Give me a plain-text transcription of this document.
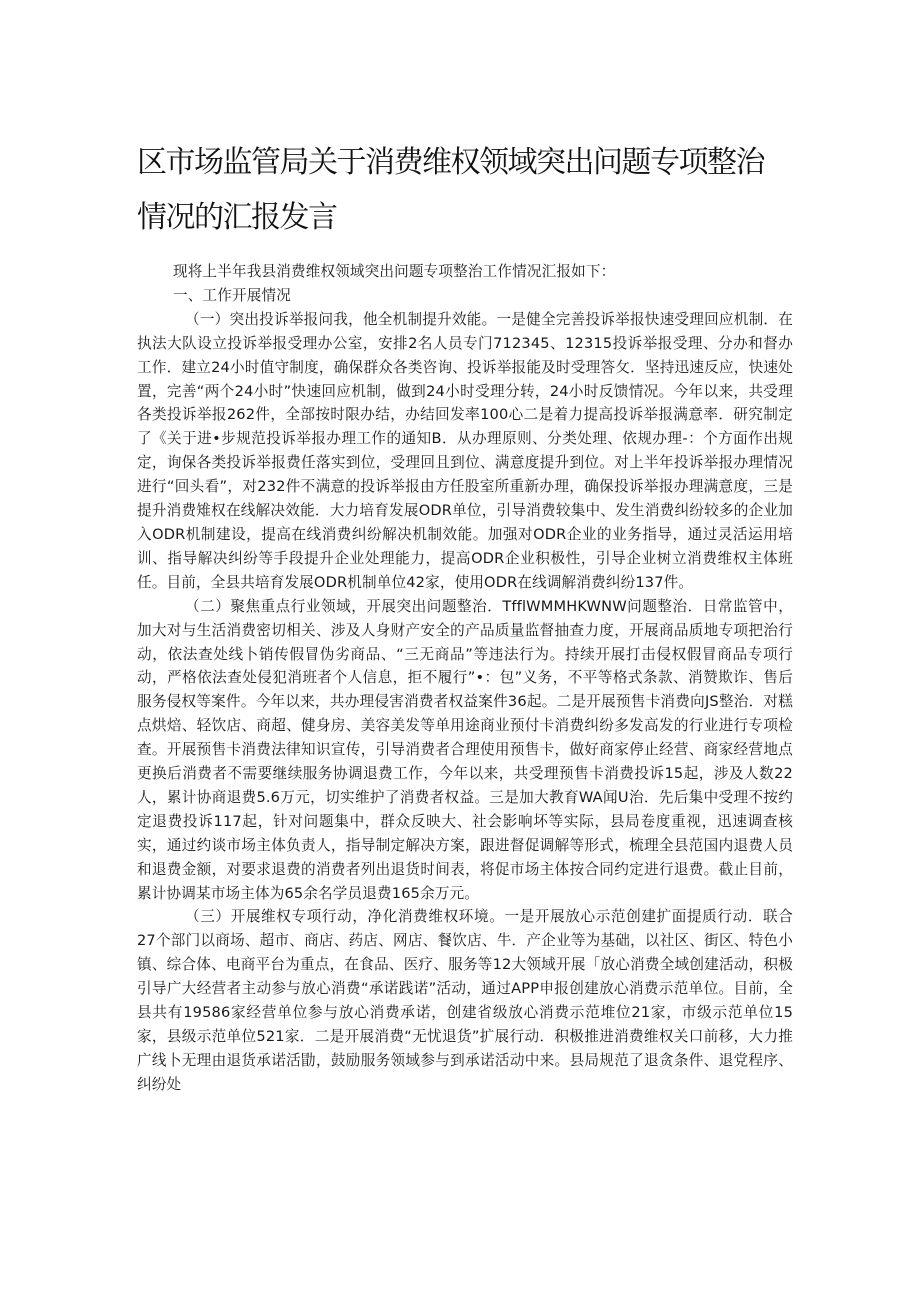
区市场监管局关于消费维权领域突出问题专项整治
情况的汇报发言

现将上半年我县消费维权领域突出问题专项整治工作情况汇报如下：

一、工作开展情况

（一）突出投诉举报问我，他全机制提升效能。一是健全完善投诉举报快速受理回应机制．在执法大队设立投诉举报受理办公室，安排2名人员专门712345、12315投诉举报受理、分办和督办工作．建立24小时值守制度，确保群众各类咨询、投诉举报能及时受理答攵．坚持迅速反应，快速处置，完善“两个24小时”快速回应机制，做到24小时受理分转，24小时反馈情况。今年以来，共受理各类投诉举报262件，全部按时限办结，办结回发率100心二是着力提高投诉举报满意率．研究制定了《关于进•步规范投诉举报办理工作的通知B．从办理原则、分类处理、依规办理-：个方面作出规定，询保各类投诉举报费任落实到位，受理回且到位、满意度提升到位。对上半年投诉举报办理情况进行“回头看”，对232件不满意的投诉举报由方任股室所重新办理，确保投诉举报办理满意度，三是提升消费雉权在线解决效能．大力培育发展ODR单位，引导消费较集中、发生消费纠纷较多的企业加入ODR机制建设，提高在线消费纠纷解决机制效能。加强对ODR企业的业务指导，通过灵活运用培训、指导解决纠纷等手段提升企业处理能力，提高ODR企业积极性，引导企业树立消费维权主体班任。目前，全县共培育发展ODR机制单位42家，使用ODR在线调解消费纠纷137件。

（二）聚焦重点行业领域，开展突出问题整治．TfflWMMHKWNW问题整治．日常监管中，加大对与生活消费密切相关、涉及人身财产安全的产品质量监督抽查力度，开展商品质地专项把治行动，依法查处线卜销传假冒伪劣商品、“三无商品”等违法行为。持续开展打击侵权假冒商品专项行动，严格依法查处侵犯消班者个人信息，拒不履行”•：包”义务，不平等格式条款、消赞欺诈、售后服务侵权等案件。今年以来，共办理侵害消费者权益案件36起。二是开展预售卡消费向JS整治．对糕点烘焙、轻饮店、商超、健身房、美容美发等单用途商业预付卡消费纠纷多发高发的行业进行专项检查。开展预售卡消费法律知识宣传，引导消费者合理使用预售卡，做好商家停止经营、商家经营地点更换后消费者不需要继续服务协调退费工作，今年以来，共受理预售卡消费投诉15起，涉及人数22人，累计协商退费5.6万元，切实维护了消费者权益。三是加大教育WA闻U治．先后集中受理不按约定退费投诉117起，针对问题集中，群众反映大、社会影响坏等实际，县局卷度重视，迅速调查核实，通过约谈市场主体负责人，指导制定解决方案，跟进督促调解等形式，梳理全县范国内退费人员和退费金额，对要求退费的消费者列出退货时间表，将促市场主体按合同约定进行退费。截止目前，累计协调某市场主体为65余名学员退费165余万元。

（三）开展维权专项行动，净化消费维权环境。一是开展放心示范创建扩面提质行动．联合27个部门以商场、超市、商店、药店、网店、餐饮店、牛．产企业等为基础，以社区、街区、特色小镇、综合体、电商平台为重点，在食品、医疗、服务等12大领域开展「放心消费全域创建活动，积极引导广大经营者主动参与放心消费“承诺践诺”活动，通过APP申报创建放心消费示范单位。目前，全县共有19586家经营单位参与放心消费承诺，创建省级放心消费示范堆位21家，市级示范单位15家，县级示范单位521家．二是开展消费“无忧退货”扩展行动．积极推进消费维权关口前移，大力推广线卜无理由退货承诺活勖，鼓励服务领域参与到承诺活动中来。县局规范了退贪条件、退党程序、纠纷处
